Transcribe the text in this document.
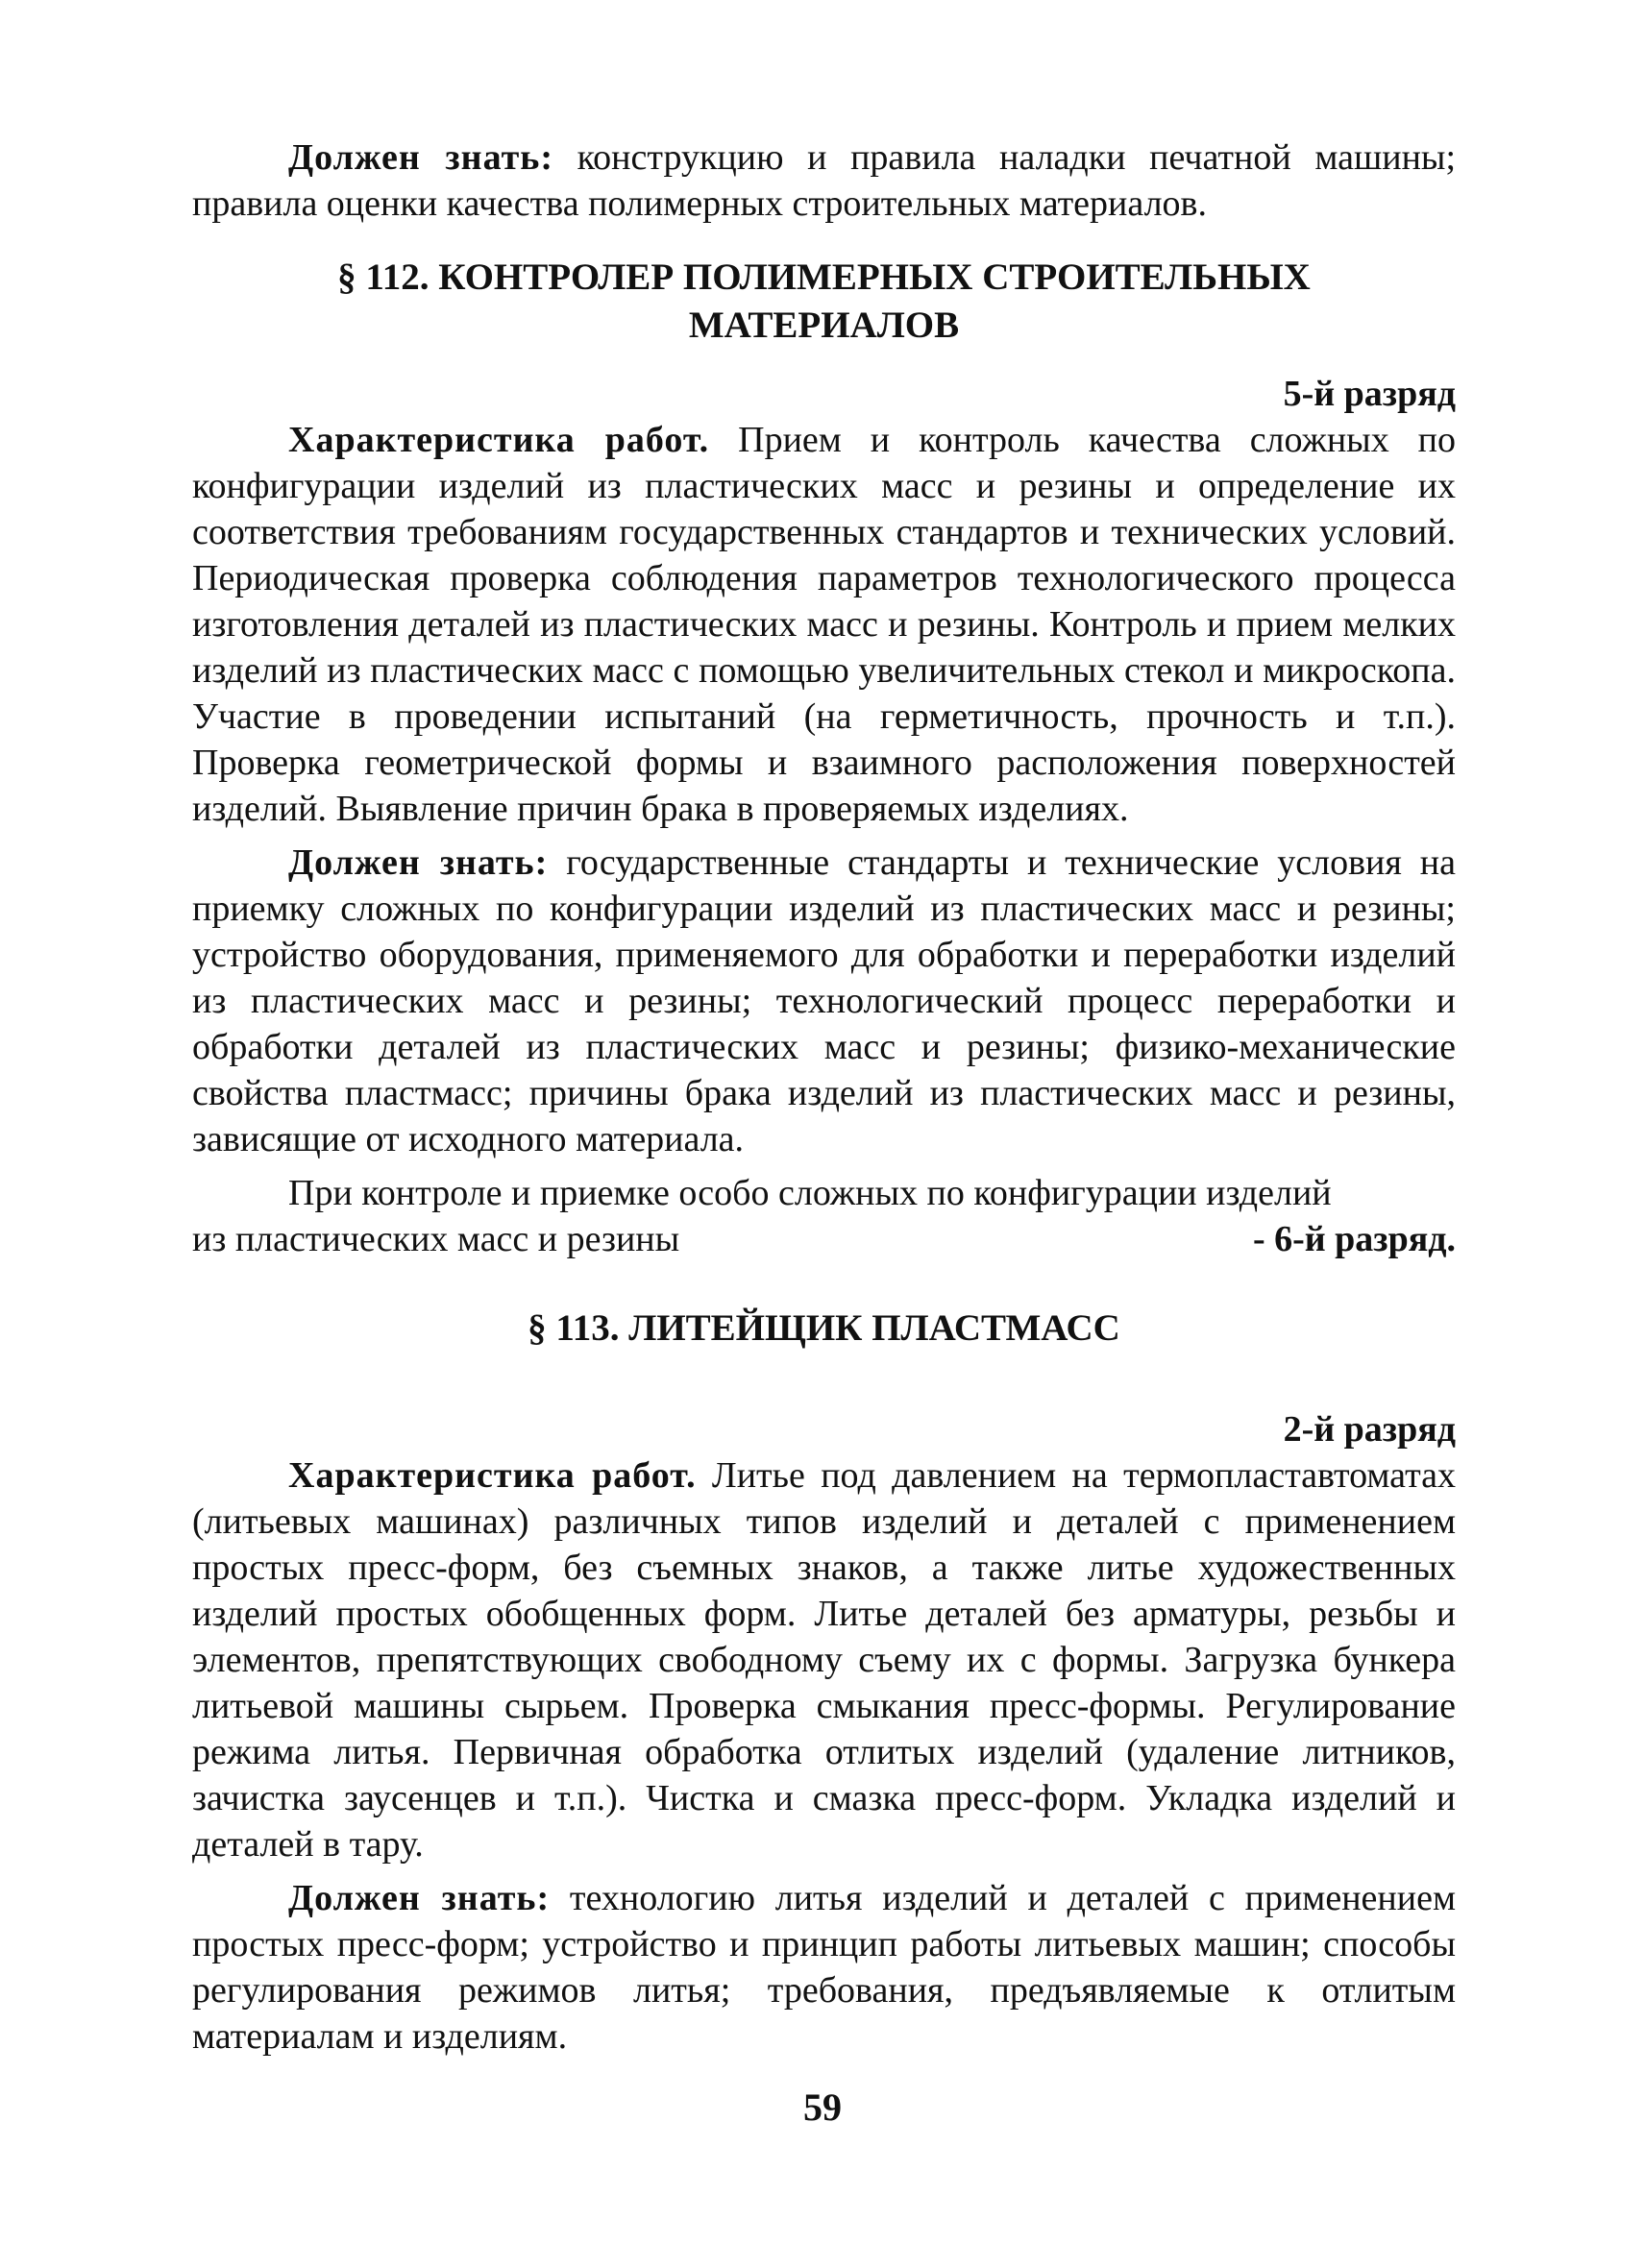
Должен знать: конструкцию и правила наладки печатной машины; правила оценки качества полимерных строительных материалов.

§ 112. КОНТРОЛЕР ПОЛИМЕРНЫХ СТРОИТЕЛЬНЫХ
МАТЕРИАЛОВ
5-й разряд

Характеристика работ. Прием и контроль качества сложных по конфигурации изделий из пластических масс и резины и определение их соответствия требованиям государственных стандартов и технических условий. Периодическая проверка соблюдения параметров технологического процесса изготовления деталей из пластических масс и резины. Контроль и прием мелких изделий из пластических масс с помощью увеличительных стекол и микроскопа. Участие в проведении испытаний (на герметичность, прочность и т.п.). Проверка геометрической формы и взаимного расположения поверхностей изделий. Выявление причин брака в проверяемых изделиях.

Должен знать: государственные стандарты и технические условия на приемку сложных по конфигурации изделий из пластических масс и резины; устройство оборудования, применяемого для обработки и переработки изделий из пластических масс и резины; технологический процесс переработки и обработки деталей из пластических масс и резины; физико-механические свойства пластмасс; причины брака изделий из пластических масс и резины, зависящие от исходного материала.

При контроле и приемке особо сложных по конфигурации изделий

из пластических масс и резины	- 6-й разряд.
§ 113. ЛИТЕЙЩИК ПЛАСТМАСС
2-й разряд

Характеристика работ. Литье под давлением на термопластавтоматах (литьевых машинах) различных типов изделий и деталей с применением простых пресс-форм, без съемных знаков, а также литье художественных изделий простых обобщенных форм. Литье деталей без арматуры, резьбы и элементов, препятствующих свободному съему их с формы. Загрузка бункера литьевой машины сырьем. Проверка смыкания пресс-формы. Регулирование режима литья. Первичная обработка отлитых изделий (удаление литников, зачистка заусенцев и т.п.). Чистка и смазка пресс-форм. Укладка изделий и деталей в тару.

Должен знать: технологию литья изделий и деталей с применением простых пресс-форм; устройство и принцип работы литьевых машин; способы регулирования режимов литья; требования, предъявляемые к отлитым материалам и изделиям.

59
